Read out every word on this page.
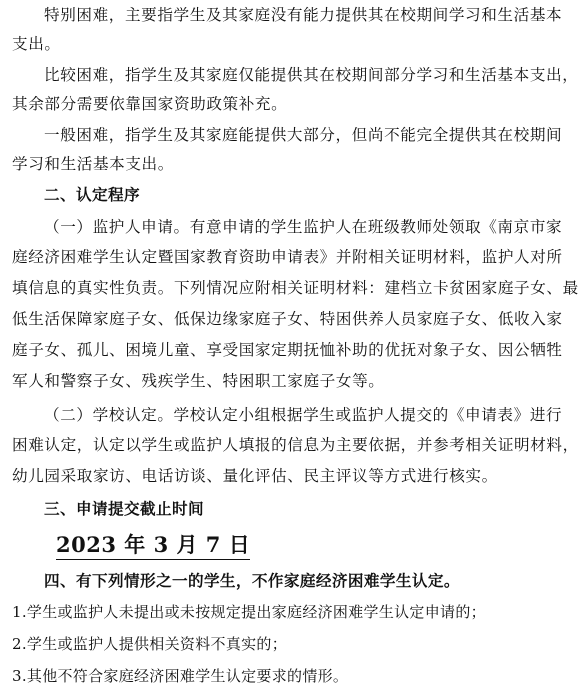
特别困难，主要指学生及其家庭没有能力提供其在校期间学习和生活基本
支出。
比较困难，指学生及其家庭仅能提供其在校期间部分学习和生活基本支出，
其余部分需要依靠国家资助政策补充。
一般困难，指学生及其家庭能提供大部分，但尚不能完全提供其在校期间
学习和生活基本支出。
二、认定程序
（一）监护人申请。有意申请的学生监护人在班级教师处领取《南京市家
庭经济困难学生认定暨国家教育资助申请表》并附相关证明材料，监护人对所
填信息的真实性负责。下列情况应附相关证明材料：建档立卡贫困家庭子女、最
低生活保障家庭子女、低保边缘家庭子女、特困供养人员家庭子女、低收入家
庭子女、孤儿、困境儿童、享受国家定期抚恤补助的优抚对象子女、因公牺牲
军人和警察子女、残疾学生、特困职工家庭子女等。
（二）学校认定。学校认定小组根据学生或监护人提交的《申请表》进行
困难认定，认定以学生或监护人填报的信息为主要依据，并参考相关证明材料，
幼儿园采取家访、电话访谈、量化评估、民主评议等方式进行核实。
三、申请提交截止时间
2023 年 3 月 7 日
四、有下列情形之一的学生，不作家庭经济困难学生认定。
1.学生或监护人未提出或未按规定提出家庭经济困难学生认定申请的；
2.学生或监护人提供相关资料不真实的；
3.其他不符合家庭经济困难学生认定要求的情形。
